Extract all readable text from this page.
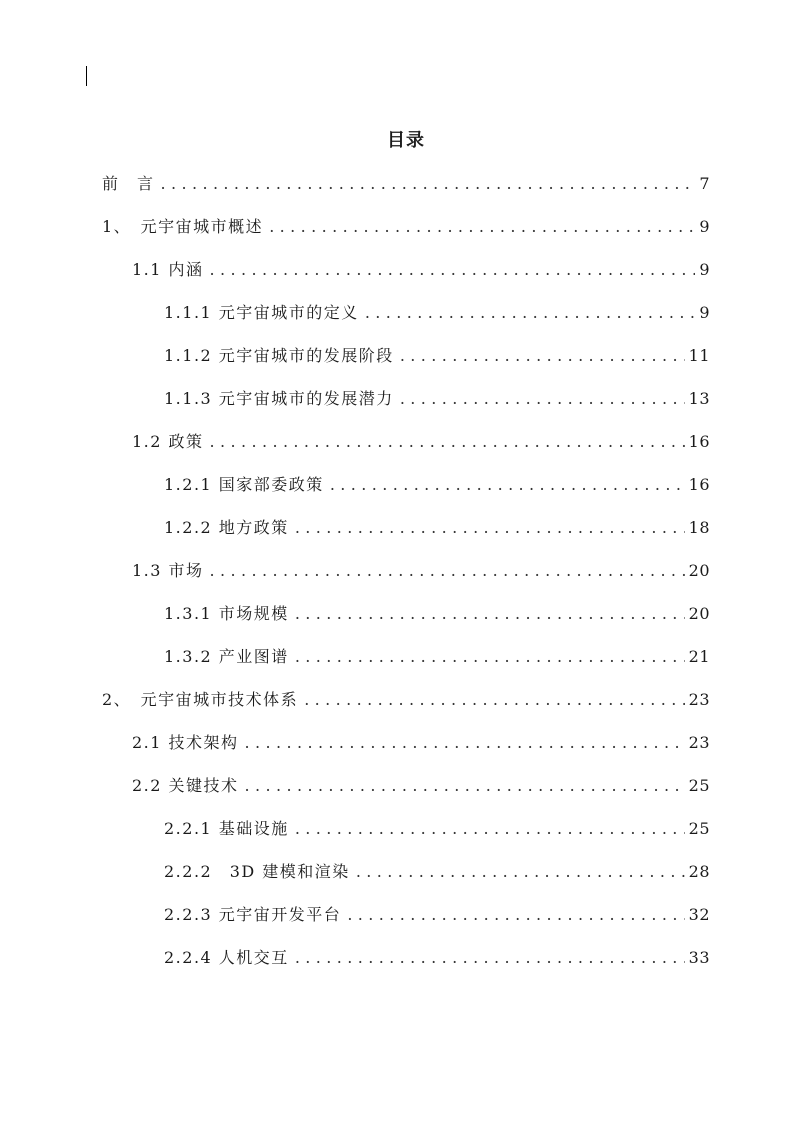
目录
前　言 .....	7
1、　元宇宙城市概述 .....	9
1.1 内涵 .....	9
1.1.1 元宇宙城市的定义 .....	9
1.1.2 元宇宙城市的发展阶段 .....	11
1.1.3 元宇宙城市的发展潜力 .....	13
1.2 政策 .....	16
1.2.1 国家部委政策 .....	16
1.2.2 地方政策 .....	18
1.3 市场 .....	20
1.3.1 市场规模 .....	20
1.3.2 产业图谱 .....	21
2、　元宇宙城市技术体系 .....	23
2.1 技术架构 .....	23
2.2 关键技术 .....	25
2.2.1 基础设施 .....	25
2.2.2　3D 建模和渲染 .....	28
2.2.3 元宇宙开发平台 .....	32
2.2.4 人机交互 .....	33
